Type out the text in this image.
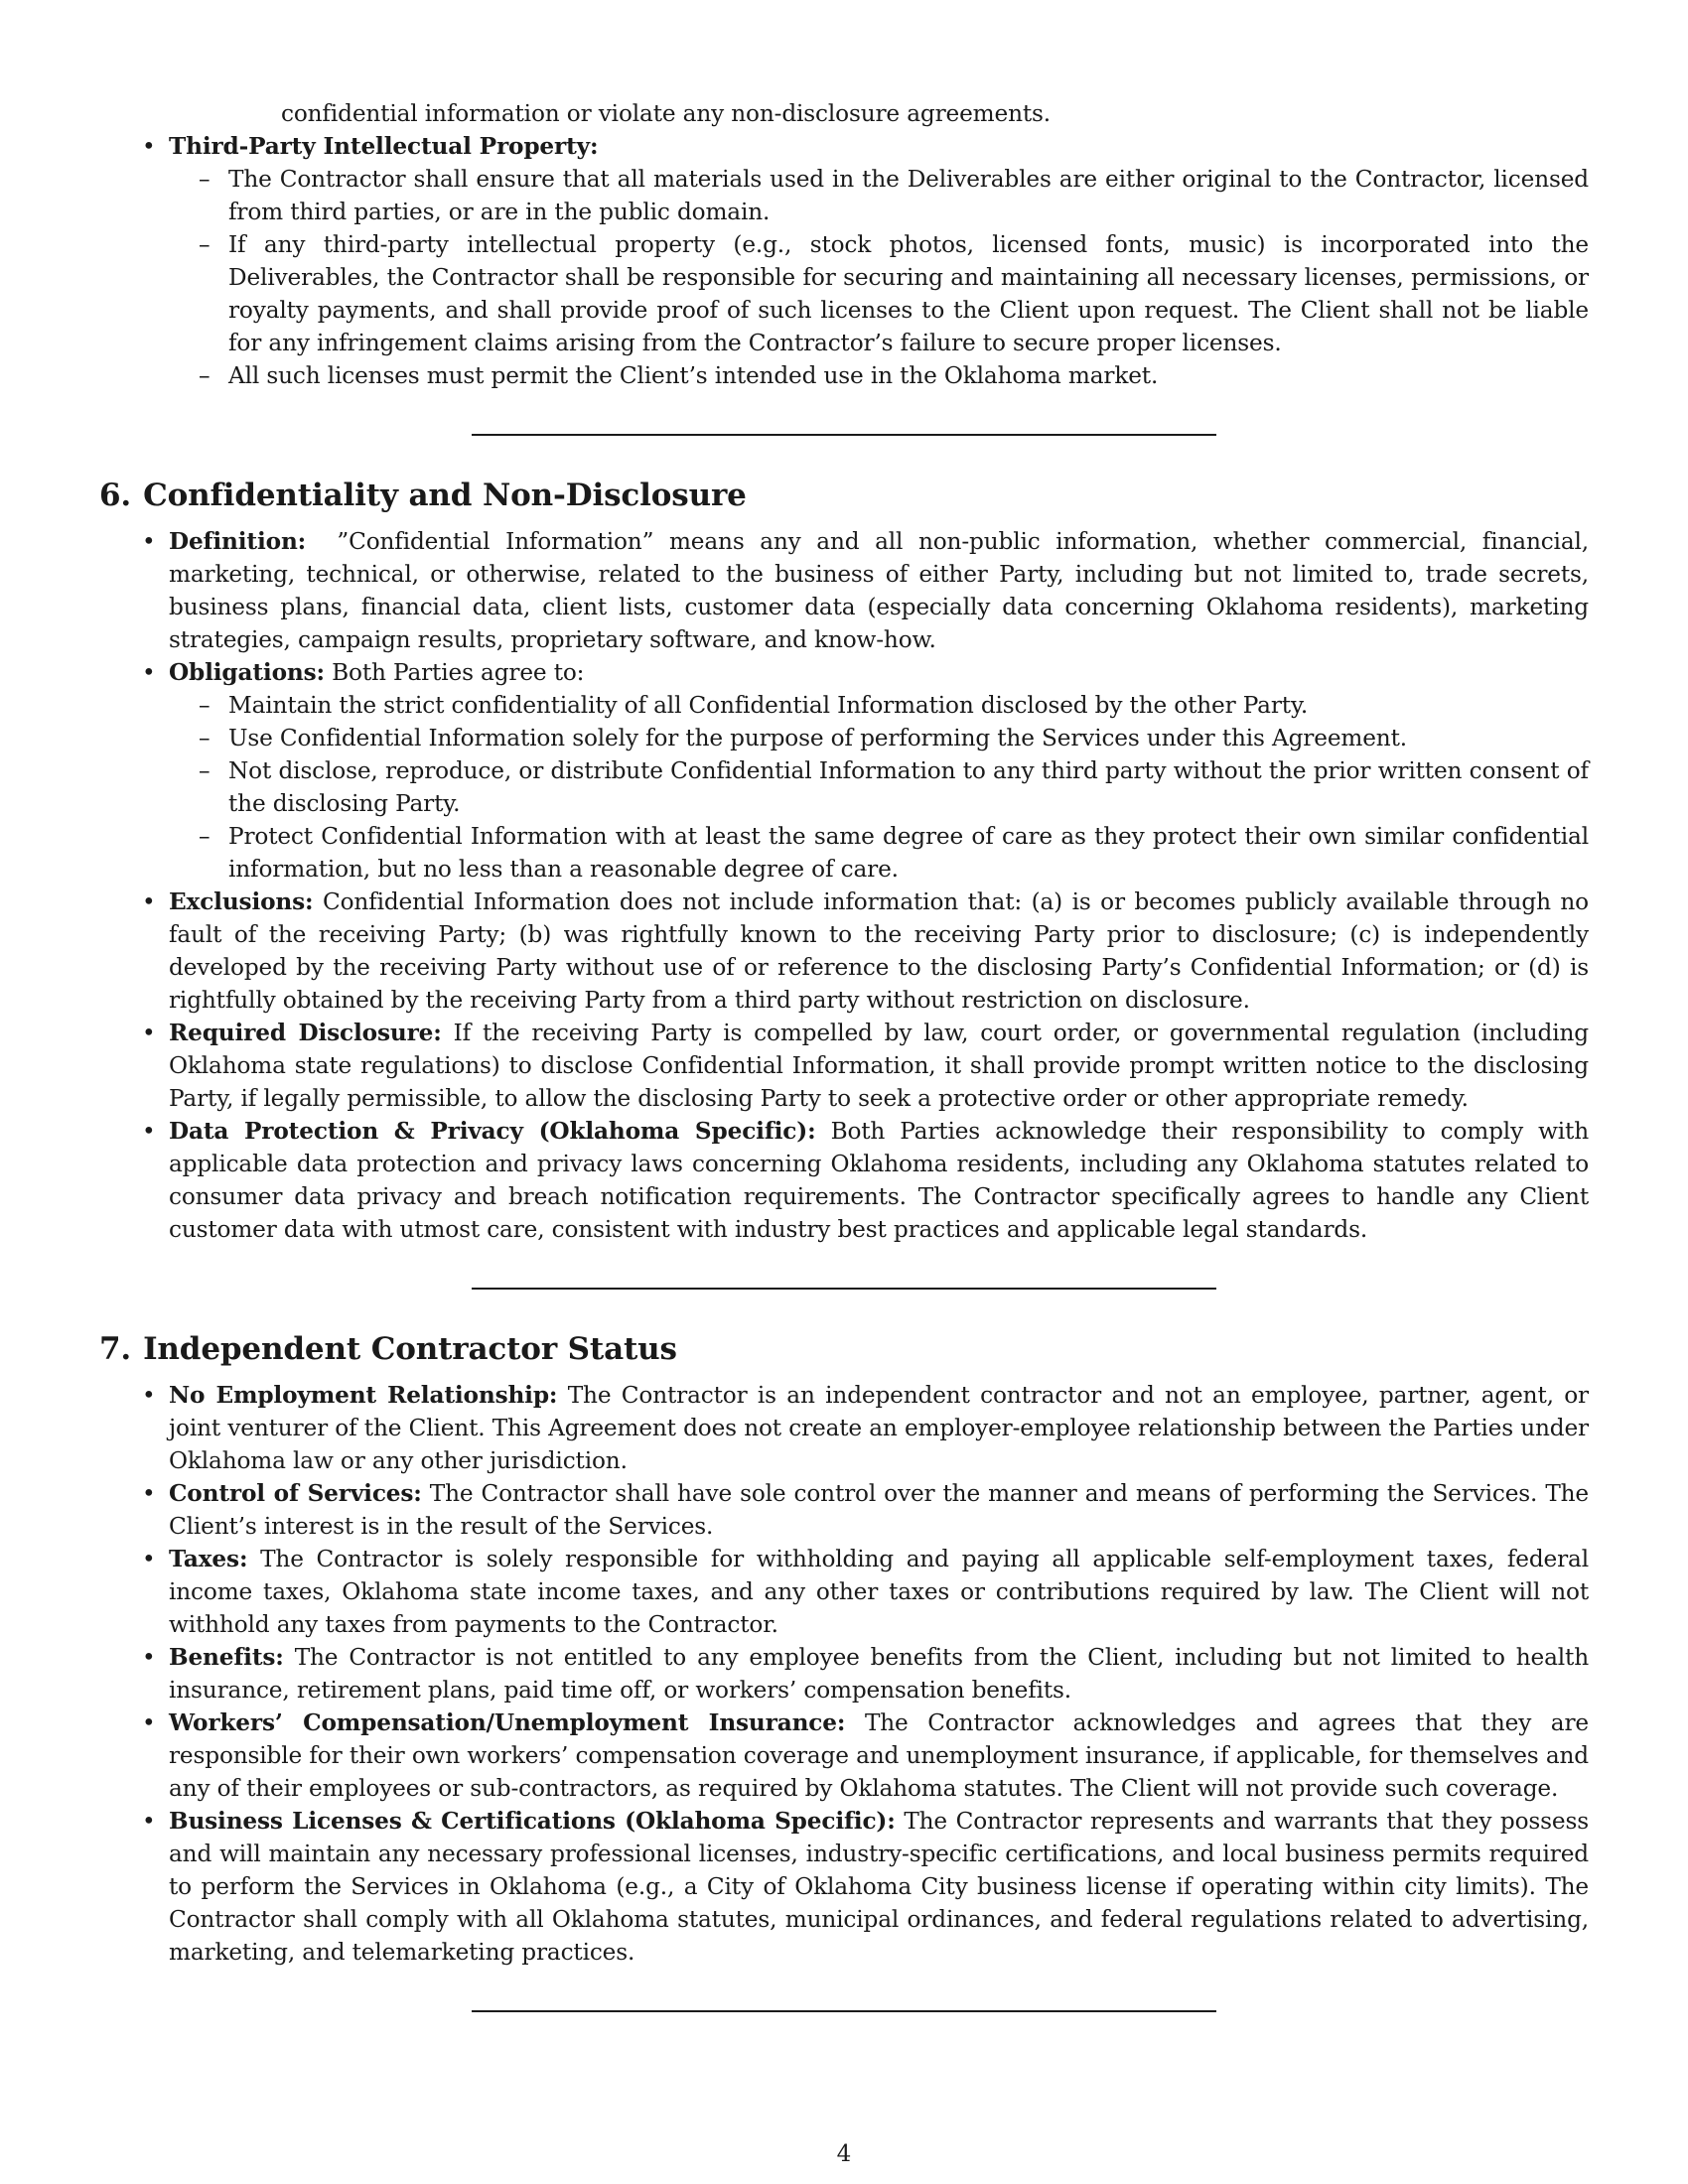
confidential information or violate any non-disclosure agreements.
• Third-Party Intellectual Property:
– The Contractor shall ensure that all materials used in the Deliverables are either original to the Contractor, licensed from third parties, or are in the public domain.
– If any third-party intellectual property (e.g., stock photos, licensed fonts, music) is incorporated into the Deliverables, the Contractor shall be responsible for securing and maintaining all necessary licenses, permissions, or royalty payments, and shall provide proof of such licenses to the Client upon request. The Client shall not be liable for any infringement claims arising from the Contractor’s failure to secure proper licenses.
– All such licenses must permit the Client’s intended use in the Oklahoma market.
6. Confidentiality and Non-Disclosure
• Definition: ”Confidential Information” means any and all non-public information, whether commercial, financial, marketing, technical, or otherwise, related to the business of either Party, including but not limited to, trade secrets, business plans, financial data, client lists, customer data (especially data concerning Oklahoma residents), marketing strategies, campaign results, proprietary software, and know-how.
• Obligations: Both Parties agree to:
– Maintain the strict confidentiality of all Confidential Information disclosed by the other Party.
– Use Confidential Information solely for the purpose of performing the Services under this Agreement.
– Not disclose, reproduce, or distribute Confidential Information to any third party without the prior written consent of the disclosing Party.
– Protect Confidential Information with at least the same degree of care as they protect their own similar confidential information, but no less than a reasonable degree of care.
• Exclusions: Confidential Information does not include information that: (a) is or becomes publicly available through no fault of the receiving Party; (b) was rightfully known to the receiving Party prior to disclosure; (c) is independently developed by the receiving Party without use of or reference to the disclosing Party’s Confidential Information; or (d) is rightfully obtained by the receiving Party from a third party without restriction on disclosure.
• Required Disclosure: If the receiving Party is compelled by law, court order, or governmental regulation (including Oklahoma state regulations) to disclose Confidential Information, it shall provide prompt written notice to the disclosing Party, if legally permissible, to allow the disclosing Party to seek a protective order or other appropriate remedy.
• Data Protection & Privacy (Oklahoma Specific): Both Parties acknowledge their responsibility to comply with applicable data protection and privacy laws concerning Oklahoma residents, including any Oklahoma statutes related to consumer data privacy and breach notification requirements. The Contractor specifically agrees to handle any Client customer data with utmost care, consistent with industry best practices and applicable legal standards.
7. Independent Contractor Status
• No Employment Relationship: The Contractor is an independent contractor and not an employee, partner, agent, or joint venturer of the Client. This Agreement does not create an employer-employee relationship between the Parties under Oklahoma law or any other jurisdiction.
• Control of Services: The Contractor shall have sole control over the manner and means of performing the Services. The Client’s interest is in the result of the Services.
• Taxes: The Contractor is solely responsible for withholding and paying all applicable self-employment taxes, federal income taxes, Oklahoma state income taxes, and any other taxes or contributions required by law. The Client will not withhold any taxes from payments to the Contractor.
• Benefits: The Contractor is not entitled to any employee benefits from the Client, including but not limited to health insurance, retirement plans, paid time off, or workers’ compensation benefits.
• Workers’ Compensation/Unemployment Insurance: The Contractor acknowledges and agrees that they are responsible for their own workers’ compensation coverage and unemployment insurance, if applicable, for themselves and any of their employees or sub-contractors, as required by Oklahoma statutes. The Client will not provide such coverage.
• Business Licenses & Certifications (Oklahoma Specific): The Contractor represents and warrants that they possess and will maintain any necessary professional licenses, industry-specific certifications, and local business permits required to perform the Services in Oklahoma (e.g., a City of Oklahoma City business license if operating within city limits). The Contractor shall comply with all Oklahoma statutes, municipal ordinances, and federal regulations related to advertising, marketing, and telemarketing practices.
4
